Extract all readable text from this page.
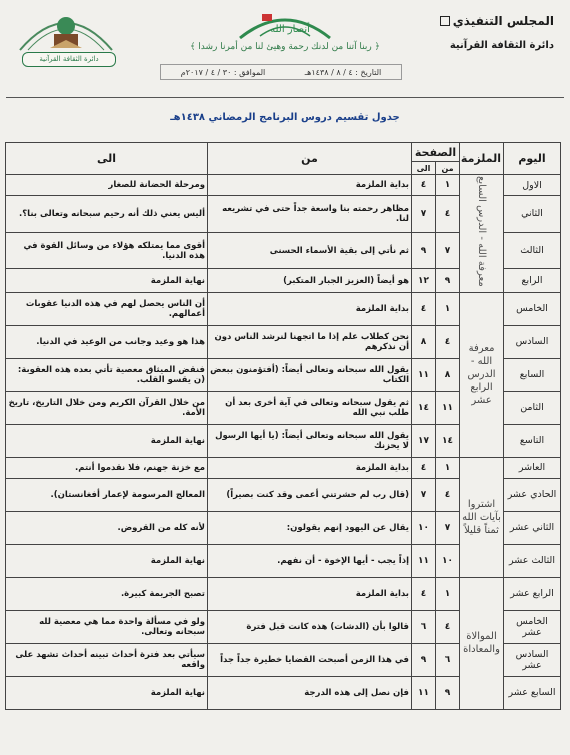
المجلس التنفيذي
دائرة الثقافة القرآنية
دائرة الثقافة القرآنية
أنصار الله
﴿ ربنا آتنا من لدنك رحمة وهيئ لنا من أمرنا رشدا ﴾
التاريخ : ٤ / ٨ / ١٤٣٨هـ
الموافق : ٣٠ / ٤ / ٢٠١٧م
جدول تقسيم دروس البرنامج الرمضاني ١٤٣٨هـ
اليوم	الملزمة	الصفحة		من	الى
		من	الى		
الاول	معرفة الله - الدرس السابع	١	٤	بداية الملزمة	ومرحلة الحضانة للصغار
الثاني		٤	٧	مظاهر رحمته بنا واسعة جداً حتى في تشريعه لنا.	أليس يعني ذلك أنه رحيم سبحانه وتعالى بنا؟.
الثالث		٧	٩	ثم نأتي إلى بقية الأسماء الحسنى	أقوى مما يمتلكه هؤلاء من وسائل القوة في هذه الدنيا.
الرابع		٩	١٢	هو أيضاً (العزيز الجبار المتكبر)	نهاية الملزمة
الخامس	معرفة الله - الدرس الرابع عشر	١	٤	بداية الملزمة	أن الناس يحصل لهم في هذه الدنيا عقوبات أعمالهم.
السادس		٤	٨	نحن كطلاب علم إذا ما اتجهنا لنرشد الناس دون أن نذكرهم	هذا هو وعيد وجانب من الوعيد في الدنيا.
السابع		٨	١١	يقول الله سبحانه وتعالى أيضاً: (أفتؤمنون ببعض الكتاب	فنقض الميثاق معصية تأتي بعده هذه العقوبة: (ن يقسو القلب.
الثامن		١١	١٤	ثم يقول سبحانه وتعالى في آية أخرى بعد أن طلب نبي الله	من خلال القرآن الكريم ومن خلال التاريخ، تاريخ الأمة.
التاسع		١٤	١٧	يقول الله سبحانه وتعالى أيضاً: (يا أيها الرسول لا يحزنك	نهاية الملزمة
العاشر	اشتروا بآيات الله ثمناً قليلاً	١	٤	بداية الملزمة	مع خزنة جهنم، فلا نقدموا أنتم.
الحادي عشر		٤	٧	(قال رب لم حشرتني أعمى وقد كنت بصيراً)	المعالج المرسومة لإعمار أفغانستان).
الثاني عشر		٧	١٠	يقال عن اليهود إنهم يقولون:	لأنه كله من القروض.
الثالث عشر		١٠	١١	إذاً يجب - أيها الإخوة - أن نفهم.	نهاية الملزمة
الرابع عشر	الموالاة والمعاداة	١	٤	بداية الملزمة	تصبح الجريمة كبيرة.
الخامس عشر		٤	٦	قالوا بأن (الدشات) هذه كانت قبل فترة	ولو في مسألة واحدة مما هي معصية لله سبحانه وتعالى.
السادس عشر		٦	٩	في هذا الزمن أصبحت القضايا خطيرة جداً جداً	سيأتي بعد فترة أحداث تبينه أحداث تشهد على واقعه
السابع عشر		٩	١١	فإن نصل إلى هذه الدرجة	نهاية الملزمة
